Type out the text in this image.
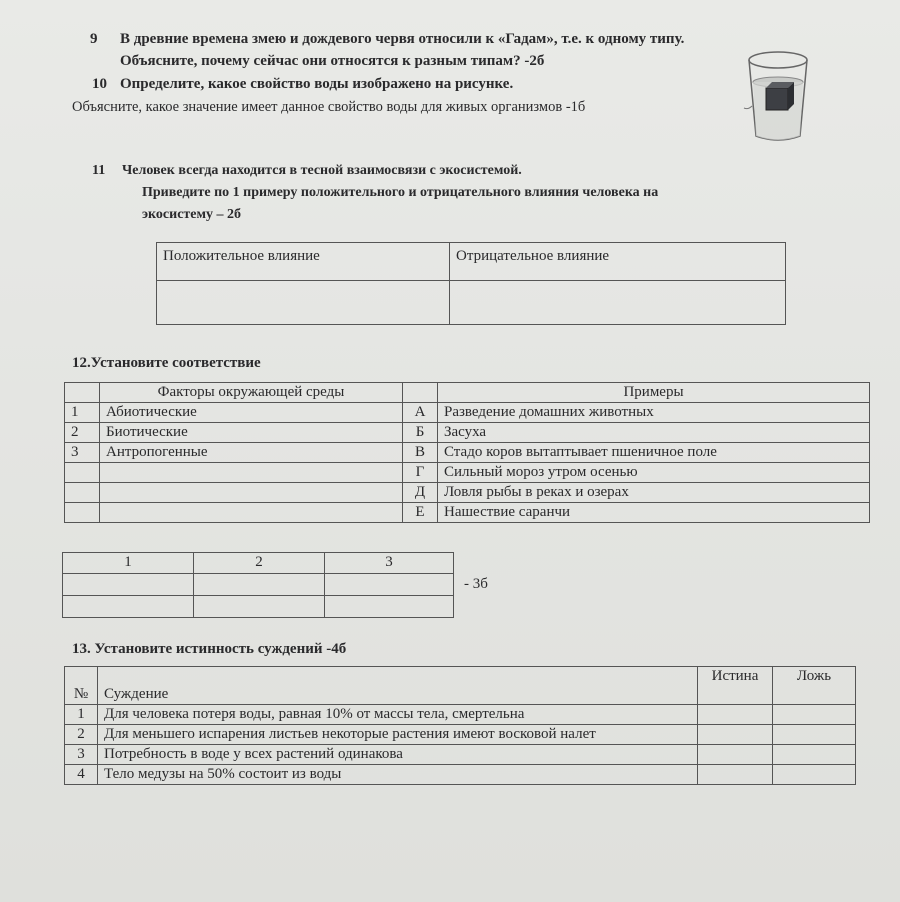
9 В древние времена змею и дождевого червя относили к «Гадам», т.е. к одному типу.
Объясните, почему сейчас они относятся к разным типам? -2б
10 Определите, какое свойство воды изображено на рисунке.
Объясните, какое значение имеет данное свойство воды для живых организмов -1б
11 Человек всегда находится в тесной взаимосвязи с экосистемой.
Приведите по 1 примеру положительного и отрицательного влияния человека на
экосистему – 2б
Положительное влияние	Отрицательное влияние

12.Установите соответствие
	Факторы окружающей среды		Примеры
1	Абиотические	А	Разведение домашних животных
2	Биотические	Б	Засуха
3	Антропогенные	В	Стадо коров вытаптывает пшеничное поле
		Г	Сильный мороз утром осенью
		Д	Ловля рыбы в реках и озерах
		Е	Нашествие саранчи
1	2	3

- 3б
13. Установите истинность суждений -4б
№	Суждение	Истина	Ложь
1	Для человека потеря воды, равная 10% от массы тела, смертельна		
2	Для меньшего испарения листьев некоторые растения имеют восковой налет		
3	Потребность в воде у всех растений одинакова		
4	Тело медузы на 50% состоит из воды		
